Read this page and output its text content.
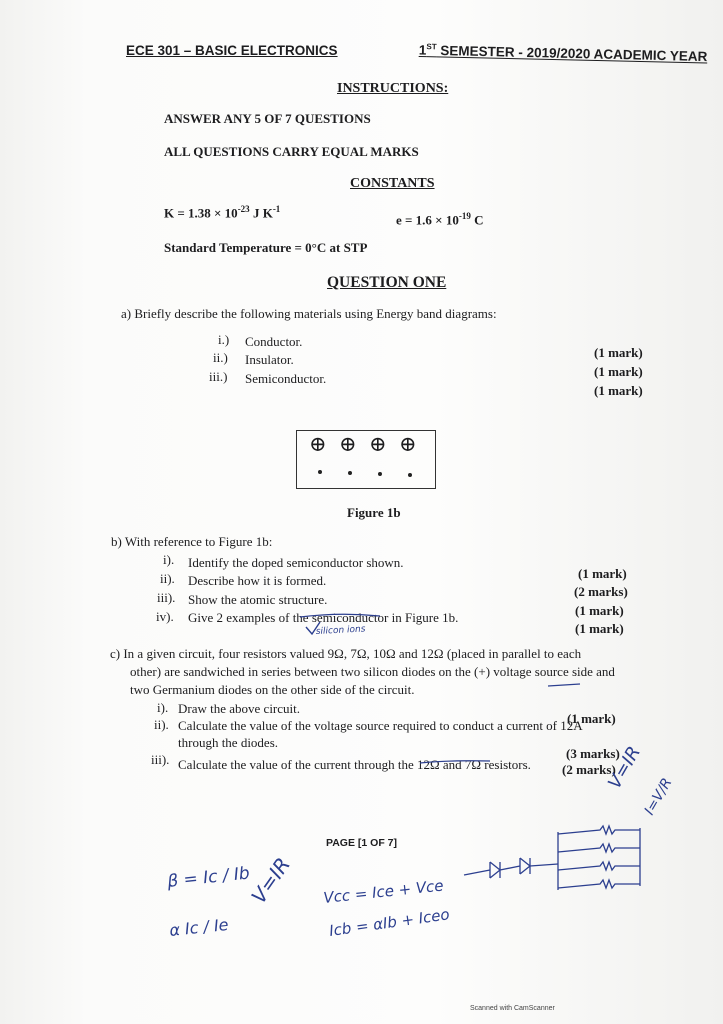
ECE 301 – BASIC ELECTRONICS	1ST SEMESTER - 2019/2020 ACADEMIC YEAR
INSTRUCTIONS:
ANSWER ANY 5 OF 7 QUESTIONS
ALL QUESTIONS CARRY EQUAL MARKS
CONSTANTS
$K = 1.38 \times 10^{-23}$ J $K^{-1}$
$e = 1.6 \times 10^{-19}$ C
Standard Temperature = 0°C at STP
QUESTION ONE
a) Briefly describe the following materials using Energy band diagrams:
i.) Conductor.
ii.) Insulator.
iii.) Semiconductor.
(1 mark)
(1 mark)
(1 mark)
⊕ ⊕ ⊕ ⊕
Figure 1b
b) With reference to Figure 1b:
i). Identify the doped semiconductor shown.
ii). Describe how it is formed.
iii). Show the atomic structure.
iv). Give 2 examples of the semiconductor in Figure 1b.
(1 mark)
(2 marks)
(1 mark)
(1 mark)
c) In a given circuit, four resistors valued 9Ω, 7Ω, 10Ω and 12Ω (placed in parallel to each
other) are sandwiched in series between two silicon diodes on the (+) voltage source side and
two Germanium diodes on the other side of the circuit.
i). Draw the above circuit.
ii). Calculate the value of the voltage source required to conduct a current of 12A
through the diodes.
iii). Calculate the value of the current through the 12Ω and 7Ω resistors.
(1 mark)
(3 marks)
(2 marks)
PAGE [1 OF 7]
Scanned with CamScanner
V=IR
I=V/R
V=IR Vcc = Ice + Vce
Icb = αIb + Iceo
β = Ic / Ib
α Ic / Ie
silicon ions
